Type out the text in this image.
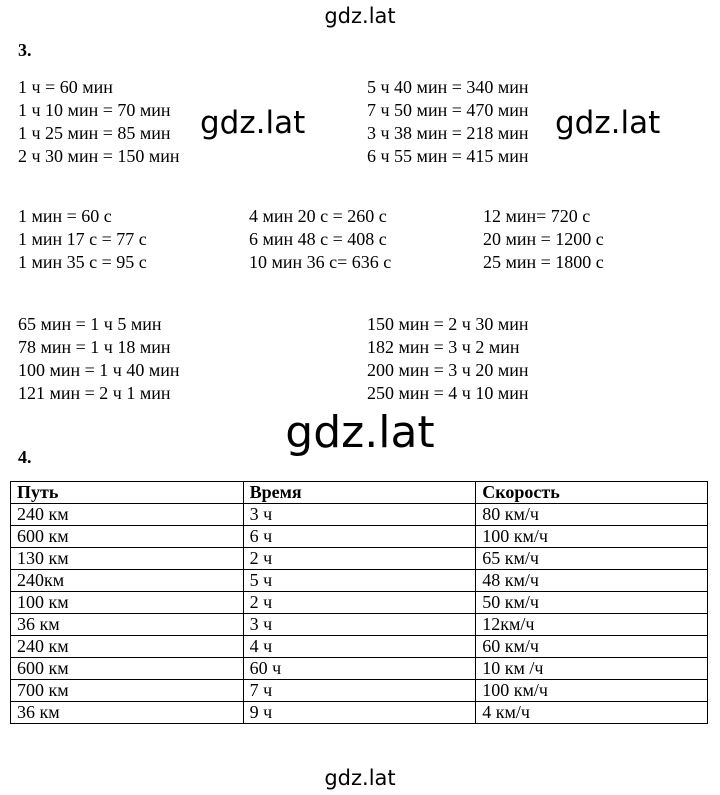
gdz.lat
3.
1 ч = 60 мин
1 ч 10 мин = 70 мин
1 ч 25 мин = 85 мин
2 ч 30 мин = 150 мин
5 ч 40 мин = 340 мин
7 ч 50 мин = 470 мин
3 ч 38 мин = 218 мин
6 ч 55 мин = 415 мин
gdz.lat	gdz.lat
1 мин = 60 с
1 мин 17 с = 77 с
1 мин 35 с = 95 с
4 мин 20 с = 260 с
6 мин 48 с = 408 с
10 мин 36 с= 636 с
12 мин= 720 с
20 мин = 1200 с
25 мин = 1800 с
65 мин = 1 ч 5 мин
78 мин = 1 ч 18 мин
100 мин = 1 ч 40 мин
121 мин = 2 ч 1 мин
150 мин = 2 ч 30 мин
182 мин = 3 ч 2 мин
200 мин = 3 ч 20 мин
250 мин = 4 ч 10 мин
gdz.lat
4.
Путь	Время	Скорость
240 км	3 ч	80 км/ч
600 км	6 ч	100 км/ч
130 км	2 ч	65 км/ч
240км	5 ч	48 км/ч
100 км	2 ч	50 км/ч
36 км	3 ч	12км/ч
240 км	4 ч	60 км/ч
600 км	60 ч	10 км /ч
700 км	7 ч	100 км/ч
36 км	9 ч	4 км/ч
gdz.lat
